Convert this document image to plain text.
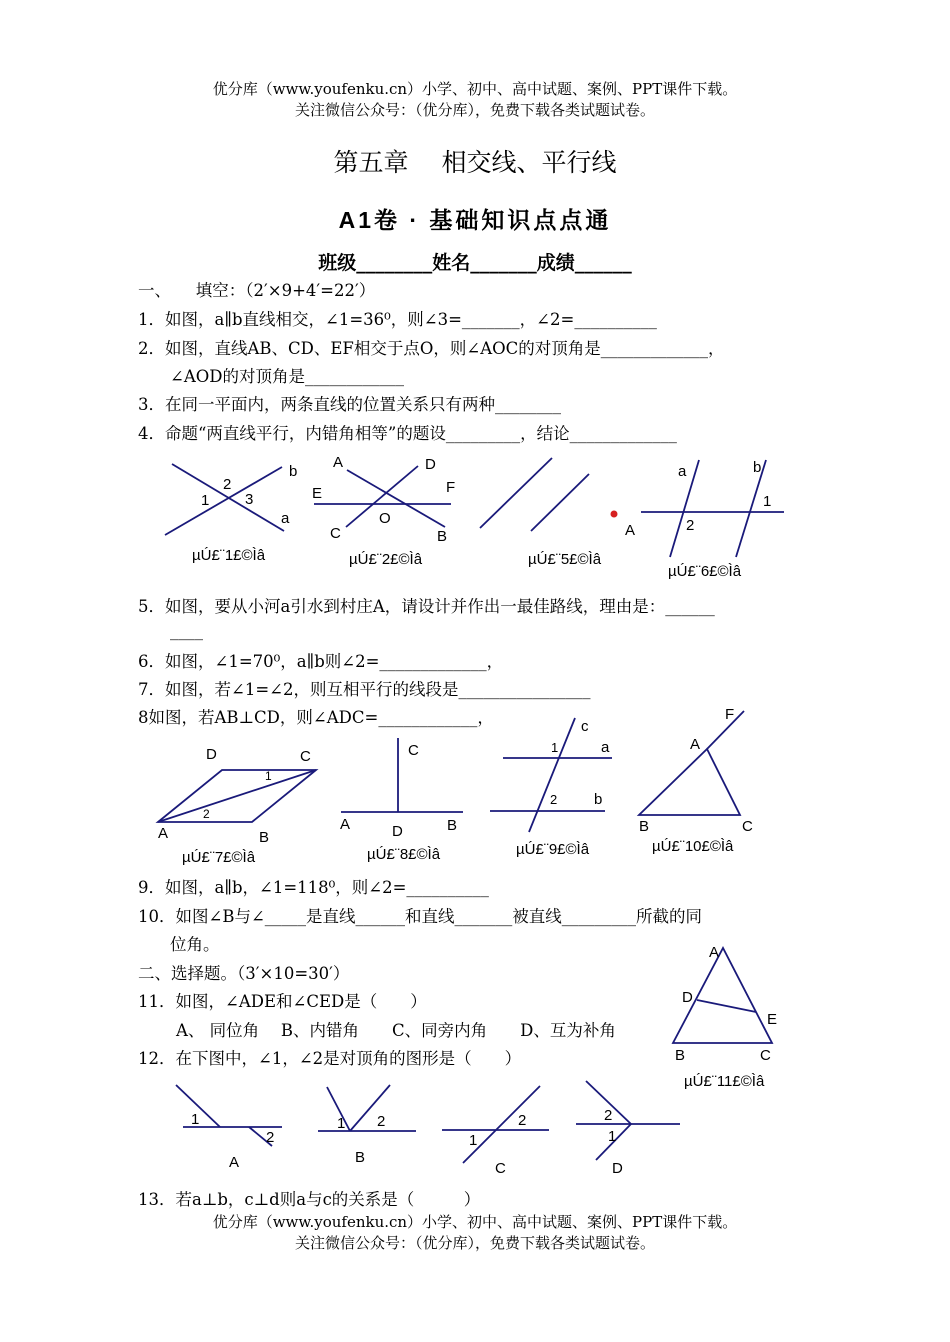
优分库（www.youfenku.cn）小学、初中、高中试题、案例、PPT课件下载。
关注微信公众号：（优分库），免费下载各类试题试卷。
第五章　 相交线、平行线
A1卷 · 基础知识点点通
班级________姓名_______成绩______
一、　　填空：（2′×9+4′=22′）
1．如图，a∥b直线相交，∠1=36⁰，则∠3=_______，∠2=__________
2．如图，直线AB、CD、EF相交于点O，则∠AOC的对顶角是_____________，
∠AOD的对顶角是____________
3．在同一平面内，两条直线的位置关系只有两种________
4．命题“两直线平行，内错角相等”的题设_________，结论_____________
b
2
1 3
a
A	D
E	F
O
C	B	A
a	b
1
2
D	C
1
2
A	B
C
A	D	B
c
1	a
2 b
F
A
B	C
A
D
E
B	C
1
2
A
1 2
B
1
2
C
2
1
D
µÚ£¨1£©Ìâ	µÚ£¨2£©Ìâ	µÚ£¨5£©Ìâ
µÚ£¨6£©Ìâ
5．如图，要从小河a引水到村庄A，请设计并作出一最佳路线，理由是：______
____
6．如图，∠1=70⁰，a∥b则∠2=_____________，
7．如图，若∠1=∠2，则互相平行的线段是________________
8如图，若AB⊥CD，则∠ADC=____________，
µÚ£¨7£©Ìâ	µÚ£¨8£©Ìâ	µÚ£¨9£©Ìâ	µÚ£¨10£©Ìâ
9．如图，a∥b，∠1=118⁰，则∠2=__________
10．如图∠B与∠_____是直线______和直线_______被直线_________所截的同
位角。
二、选择题。（3′×10=30′）
11．如图，∠ADE和∠CED是（　　）
A、 同位角　 B、内错角　　C、同旁内角　　D、互为补角
12．在下图中，∠1，∠2是对顶角的图形是（　　）
µÚ£¨11£©Ìâ
13．若a⊥b，c⊥d则a与c的关系是（　　　）
优分库（www.youfenku.cn）小学、初中、高中试题、案例、PPT课件下载。
关注微信公众号：（优分库），免费下载各类试题试卷。
